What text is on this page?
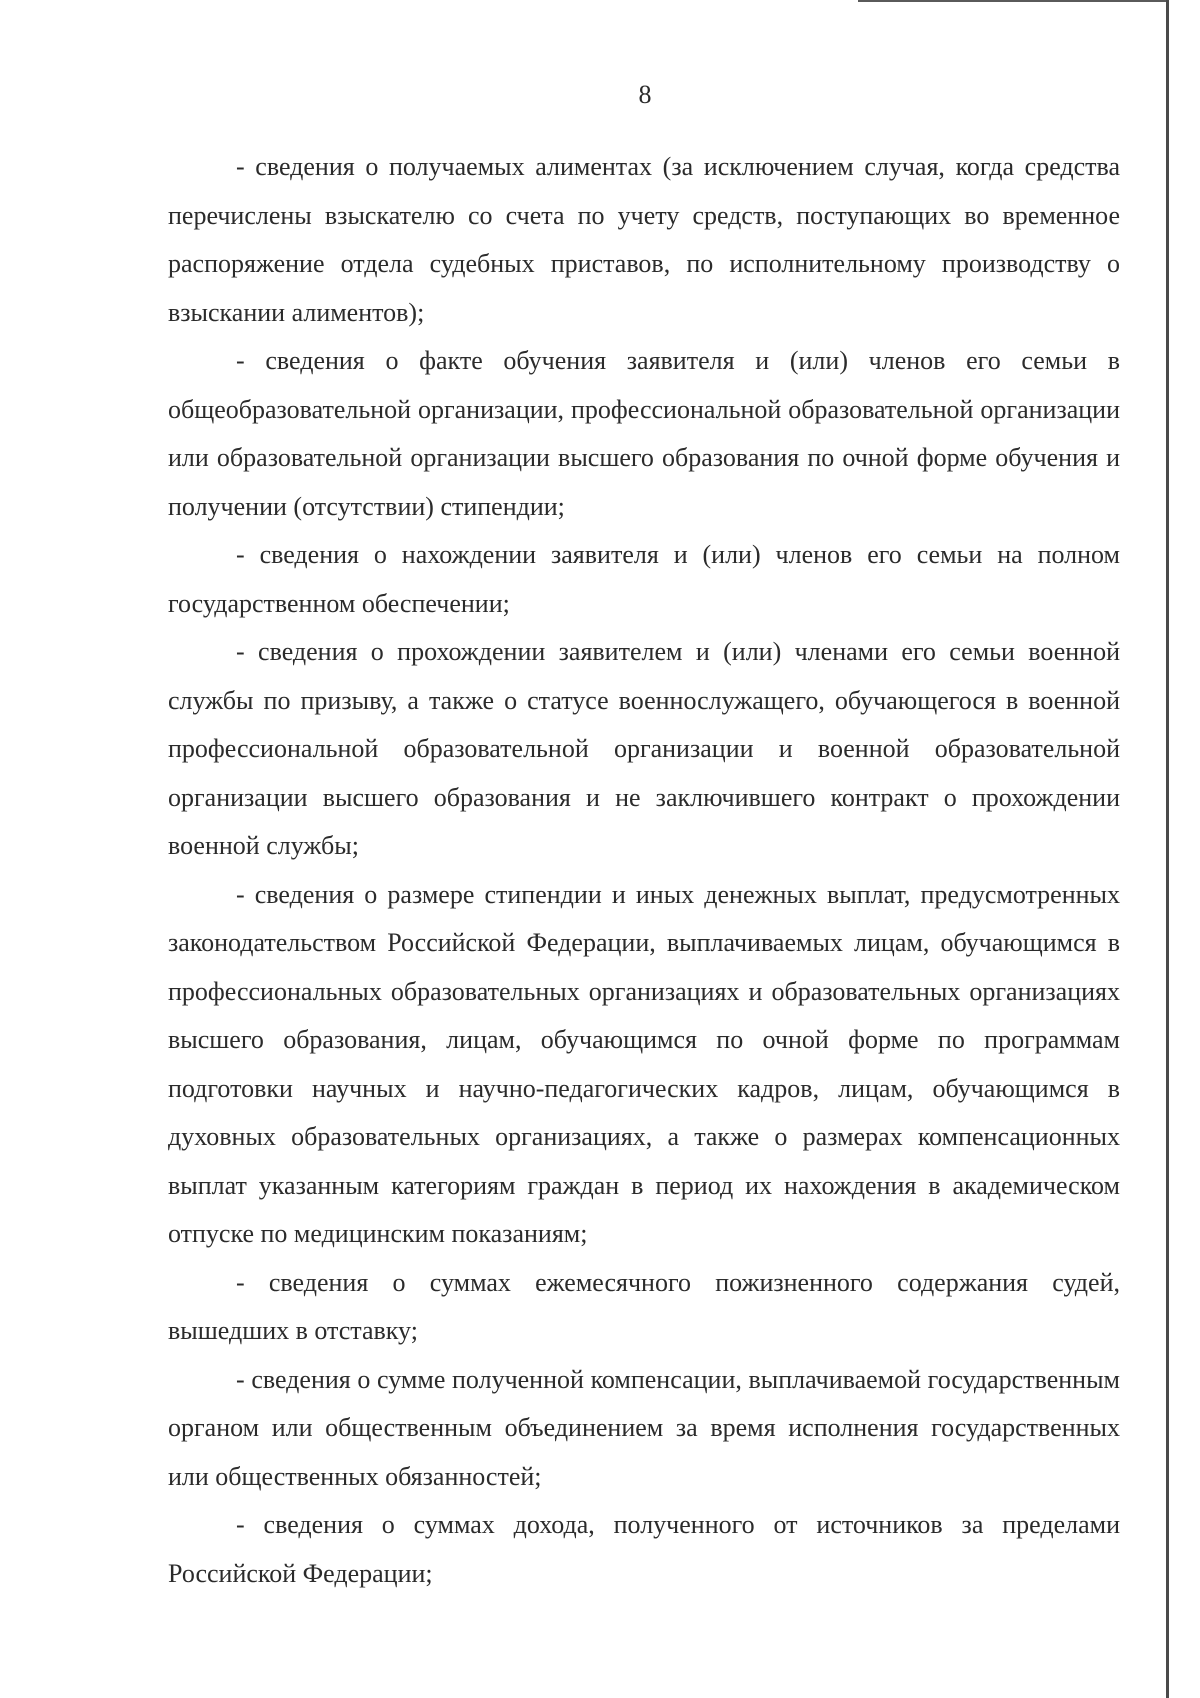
8

- сведения о получаемых алиментах (за исключением случая, когда средства перечислены взыскателю со счета по учету средств, поступающих во временное распоряжение отдела судебных приставов, по исполнительному производству о взыскании алиментов);

- сведения о факте обучения заявителя и (или) членов его семьи в общеобразовательной организации, профессиональной образовательной организации или образовательной организации высшего образования по очной форме обучения и получении (отсутствии) стипендии;

- сведения о нахождении заявителя и (или) членов его семьи на полном государственном обеспечении;

- сведения о прохождении заявителем и (или) членами его семьи военной службы по призыву, а также о статусе военнослужащего, обучающегося в военной профессиональной образовательной организации и военной образовательной организации высшего образования и не заключившего контракт о прохождении военной службы;

- сведения о размере стипендии и иных денежных выплат, предусмотренных законодательством Российской Федерации, выплачиваемых лицам, обучающимся в профессиональных образовательных организациях и образовательных организациях высшего образования, лицам, обучающимся по очной форме по программам подготовки научных и научно-педагогических кадров, лицам, обучающимся в духовных образовательных организациях, а также о размерах компенсационных выплат указанным категориям граждан в период их нахождения в академическом отпуске по медицинским показаниям;

- сведения о суммах ежемесячного пожизненного содержания судей, вышедших в отставку;

- сведения о сумме полученной компенсации, выплачиваемой государственным органом или общественным объединением за время исполнения государственных или общественных обязанностей;

- сведения о суммах дохода, полученного от источников за пределами Российской Федерации;
